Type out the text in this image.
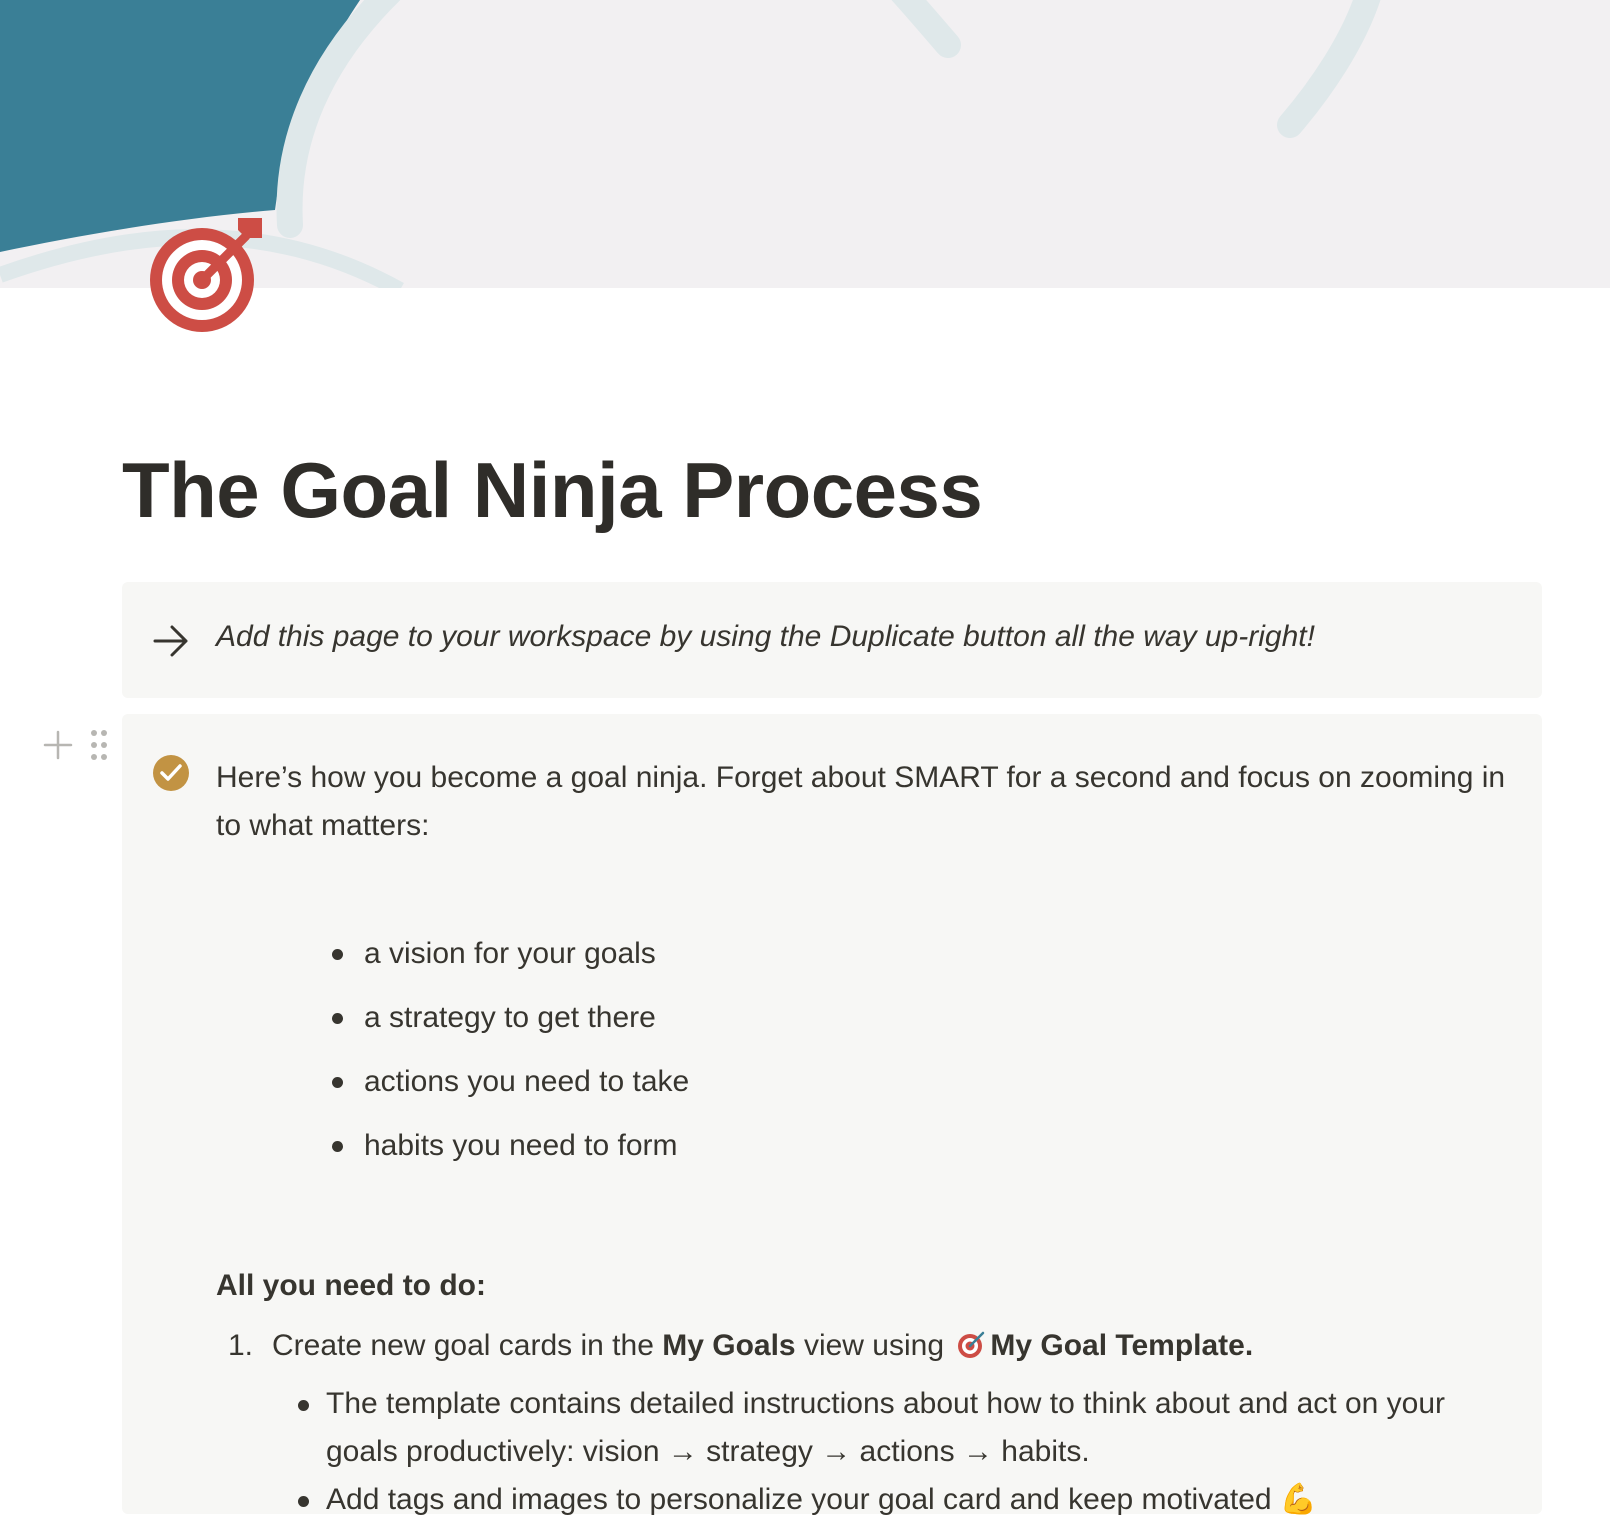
The Goal Ninja Process
Add this page to your workspace by using the Duplicate button all the way up-right!

Here’s how you become a goal ninja. Forget about SMART for a second and focus on zooming in to what matters:

a vision for your goals
a strategy to get there
actions you need to take
habits you need to form
All you need to do:
1. Create new goal cards in the My Goals view using My Goal Template.
The template contains detailed instructions about how to think about and act on your goals productively: vision → strategy → actions → habits.
Add tags and images to personalize your goal card and keep motivated 💪
